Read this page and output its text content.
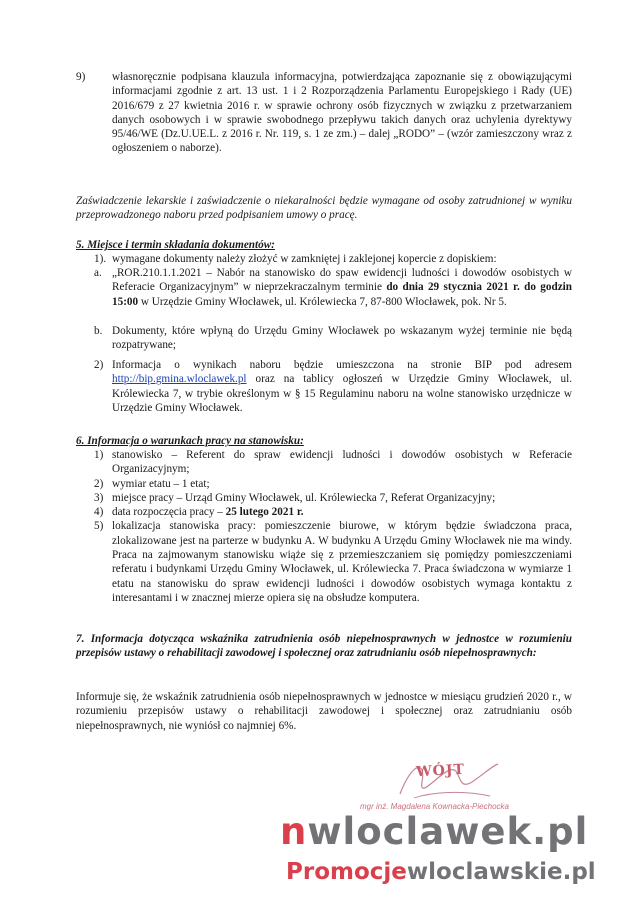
9)	własnoręcznie podpisana klauzula informacyjna, potwierdzająca zapoznanie się z obowiązującymi informacjami zgodnie z art. 13 ust. 1 i 2 Rozporządzenia Parlamentu Europejskiego i Rady (UE) 2016/679 z 27 kwietnia 2016 r. w sprawie ochrony osób fizycznych w związku z przetwarzaniem danych osobowych i w sprawie swobodnego przepływu takich danych oraz uchylenia dyrektywy 95/46/WE (Dz.U.UE.L. z 2016 r. Nr. 119, s. 1 ze zm.) – dalej „RODO” – (wzór zamieszczony wraz z ogłoszeniem o naborze).
Zaświadczenie lekarskie i zaświadczenie o niekaralności będzie wymagane od osoby zatrudnionej w wyniku przeprowadzonego naboru przed podpisaniem umowy o pracę.
5. Miejsce i termin składania dokumentów:
1). wymagane dokumenty należy złożyć w zamkniętej i zaklejonej kopercie z dopiskiem:
a. „ROR.210.1.1.2021 – Nabór na stanowisko do spaw ewidencji ludności i dowodów osobistych w Referacie Organizacyjnym” w nieprzekraczalnym terminie do dnia 29 stycznia 2021 r. do godzin 15:00 w Urzędzie Gminy Włocławek, ul. Królewiecka 7, 87-800 Włocławek, pok. Nr 5.
b. Dokumenty, które wpłyną do Urzędu Gminy Włocławek po wskazanym wyżej terminie nie będą rozpatrywane;
2) Informacja o wynikach naboru będzie umieszczona na stronie BIP pod adresem http://bip.gmina.wloclawek.pl oraz na tablicy ogłoszeń w Urzędzie Gminy Włocławek, ul. Królewiecka 7, w trybie określonym w § 15 Regulaminu naboru na wolne stanowisko urzędnicze w Urzędzie Gminy Włocławek.
6. Informacja o warunkach pracy na stanowisku:
1) stanowisko – Referent do spraw ewidencji ludności i dowodów osobistych w Referacie Organizacyjnym;
2) wymiar etatu – 1 etat;
3) miejsce pracy – Urząd Gminy Włocławek, ul. Królewiecka 7, Referat Organizacyjny;
4) data rozpoczęcia pracy – 25 lutego 2021 r.
5) lokalizacja stanowiska pracy: pomieszczenie biurowe, w którym będzie świadczona praca, zlokalizowane jest na parterze w budynku A. W budynku A Urzędu Gminy Włocławek nie ma windy. Praca na zajmowanym stanowisku wiąże się z przemieszczaniem się pomiędzy pomieszczeniami referatu i budynkami Urzędu Gminy Włocławek, ul. Królewiecka 7. Praca świadczona w wymiarze 1 etatu na stanowisku do spraw ewidencji ludności i dowodów osobistych wymaga kontaktu z interesantami i w znacznej mierze opiera się na obsłudze komputera.
7. Informacja dotycząca wskaźnika zatrudnienia osób niepełnosprawnych w jednostce w rozumieniu przepisów ustawy o rehabilitacji zawodowej i społecznej oraz zatrudnianiu osób niepełnosprawnych:
Informuje się, że wskaźnik zatrudnienia osób niepełnosprawnych w jednostce w miesiącu grudzień 2020 r., w rozumieniu przepisów ustawy o rehabilitacji zawodowej i społecznej oraz zatrudnianiu osób niepełnosprawnych, nie wyniósł co najmniej 6%.
WÓJT
mgr inż. Magdalena Kownacka-Piechocka
nwloclawek.pl
Promocjewloclawskie.pl
